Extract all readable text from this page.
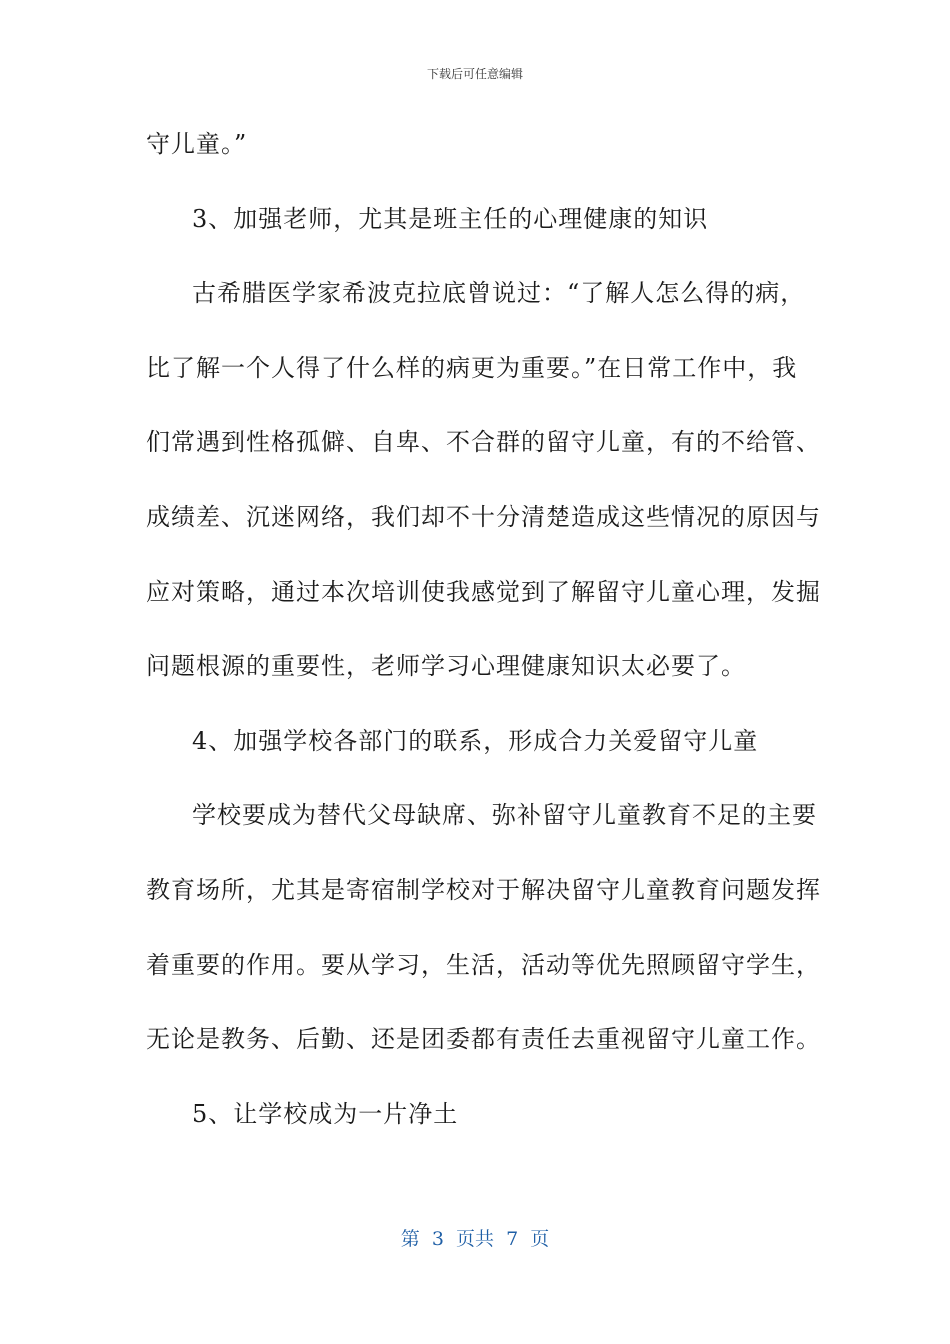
下载后可任意编辑
守儿童。”
3、加强老师，尤其是班主任的心理健康的知识
古希腊医学家希波克拉底曾说过：“了解人怎么得的病，
比了解一个人得了什么样的病更为重要。”在日常工作中，我
们常遇到性格孤僻、自卑、不合群的留守儿童，有的不给管、
成绩差、沉迷网络，我们却不十分清楚造成这些情况的原因与
应对策略，通过本次培训使我感觉到了解留守儿童心理，发掘
问题根源的重要性，老师学习心理健康知识太必要了。
4、加强学校各部门的联系，形成合力关爱留守儿童
学校要成为替代父母缺席、弥补留守儿童教育不足的主要
教育场所，尤其是寄宿制学校对于解决留守儿童教育问题发挥
着重要的作用。要从学习，生活，活动等优先照顾留守学生，
无论是教务、后勤、还是团委都有责任去重视留守儿童工作。
5、让学校成为一片净土
第  3  页共  7  页
